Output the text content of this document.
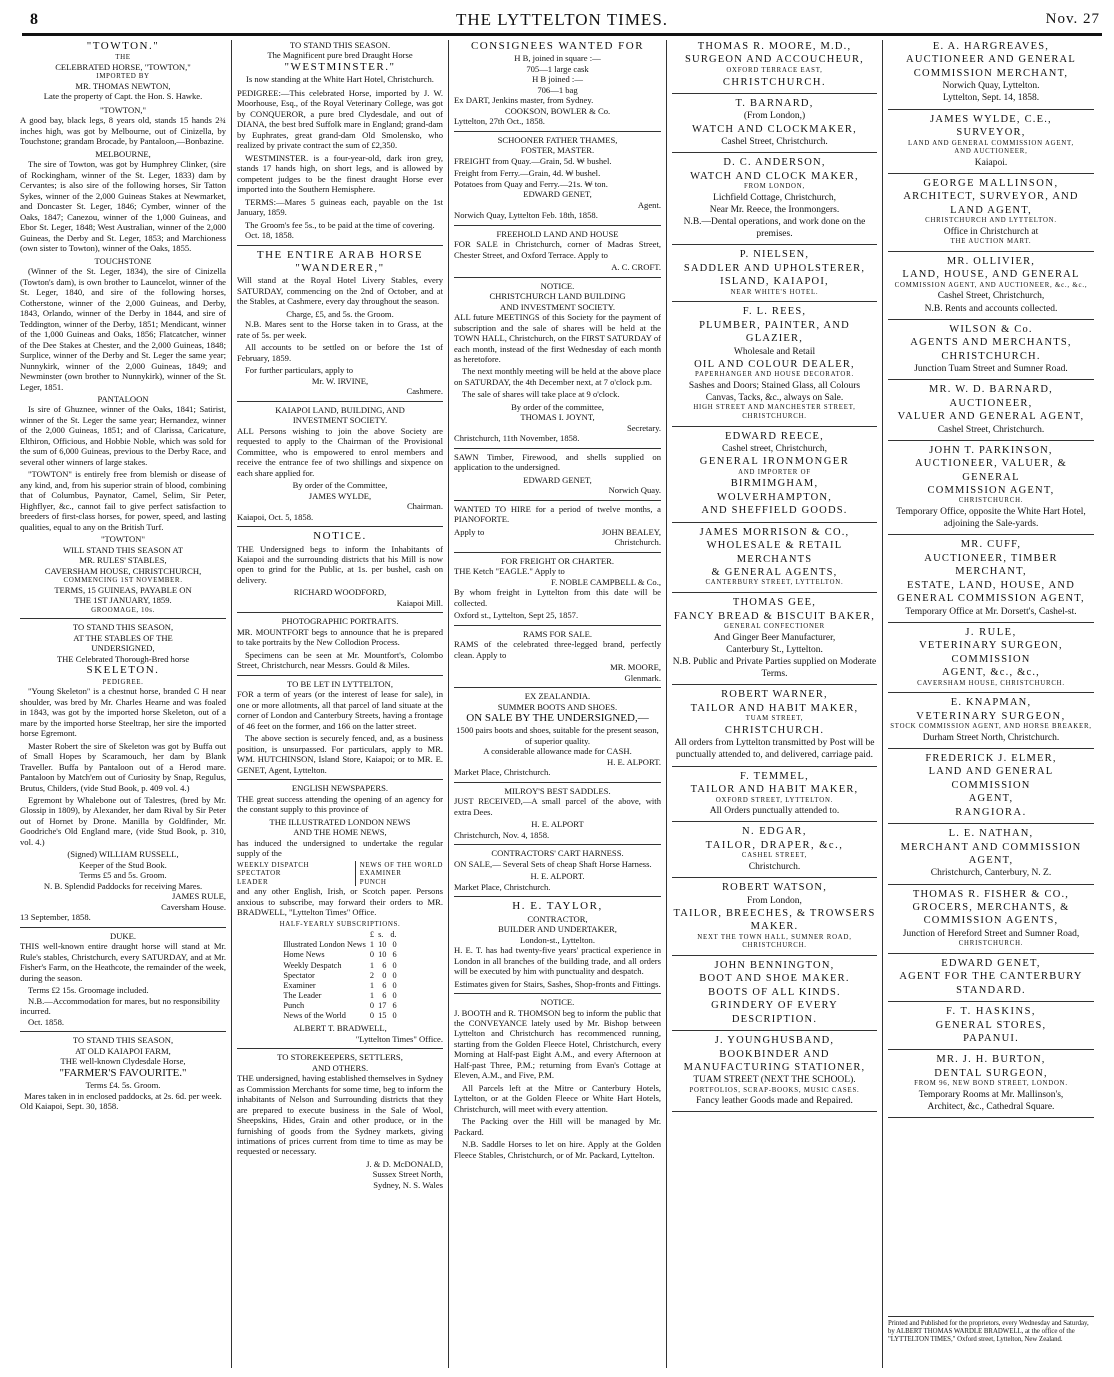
8	THE LYTTELTON TIMES.	Nov. 27
"TOWTON."
THE
CELEBRATED HORSE, "TOWTON,"
IMPORTED BY
MR. THOMAS NEWTON,
Late the property of Capt. the Hon. S. Hawke.
"TOWTON,"
A good bay, black legs, 8 years old, stands 15 hands 2¾ inches high, was got by Melbourne, out of Cinizella, by Touchstone; grandam Brocade, by Pantaloon,—Bonbazine.
MELBOURNE,
The sire of Towton, was got by Humphrey Clinker, (sire of Rockingham, winner of the St. Leger, 1833) dam by Cervantes; is also sire of the following horses, Sir Tatton Sykes, winner of the 2,000 Guineas Stakes at Newmarket, and Doncaster St. Leger, 1846; Cymber, winner of the Oaks, 1847; Canezou, winner of the 1,000 Guineas, and Ebor St. Leger, 1848; West Australian, winner of the 2,000 Guineas, the Derby and St. Leger, 1853; and Marchioness (own sister to Towton), winner of the Oaks, 1855.
TOUCHSTONE
(Winner of the St. Leger, 1834), the sire of Cinizella (Towton's dam), is own brother to Launcelot, winner of the St. Leger, 1840, and sire of the following horses, Cotherstone, winner of the 2,000 Guineas, and Derby, 1843, Orlando, winner of the Derby in 1844, and sire of Teddington, winner of the Derby, 1851; Mendicant, winner of the 1,000 Guineas and Oaks, 1856; Flatcatcher, winner of the Dee Stakes at Chester, and the 2,000 Guineas, 1848; Surplice, winner of the Derby and St. Leger the same year; Nunnykirk, winner of the 2,000 Guineas, 1849; and Newminster (own brother to Nunnykirk), winner of the St. Leger, 1851.
PANTALOON
Is sire of Ghuznee, winner of the Oaks, 1841; Satirist, winner of the St. Leger the same year; Hernandez, winner of the 2,000 Guineas, 1851; and of Clarissa, Caricature, Elthiron, Officious, and Hobbie Noble, which was sold for the sum of 6,000 Guineas, previous to the Derby Race, and several other winners of large stakes.
"TOWTON" is entirely free from blemish or disease of any kind, and, from his superior strain of blood, combining that of Columbus, Paynator, Camel, Selim, Sir Peter, Highflyer, &c., cannot fail to give perfect satisfaction to breeders of first-class horses, for power, speed, and lasting qualities, equal to any on the British Turf.
"TOWTON"
WILL STAND THIS SEASON AT
MR. RULES' STABLES,
CAVERSHAM HOUSE, CHRISTCHURCH,
COMMENCING 1ST NOVEMBER.
TERMS, 15 GUINEAS, PAYABLE ON
THE 1ST JANUARY, 1859.
GROOMAGE, 10s.
TO STAND THIS SEASON,
AT THE STABLES OF THE
UNDERSIGNED,
THE Celebrated Thorough-Bred horse
SKELETON.
PEDIGREE.
"Young Skeleton" is a chestnut horse, branded C H near shoulder, was bred by Mr. Charles Hearne and was foaled in 1843, was got by the imported horse Skeleton, out of a mare by the imported horse Steeltrap, her sire the imported horse Egremont.
Master Robert the sire of Skeleton was got by Buffa out of Small Hopes by Scaramouch, her dam by Blank Traveller. Buffa by Pantaloon out of a Herod mare. Pantaloon by Match'em out of Curiosity by Snap, Regulus, Brutus, Childers, (vide Stud Book, p. 409 vol. 4.)
Egremont by Whalebone out of Talestres, (bred by Mr. Glossip in 1809), by Alexander, her dam Rival by Sir Peter out of Hornet by Drone. Manilla by Goldfinder, Mr. Goodriche's Old England mare, (vide Stud Book, p. 310, vol. 4.)
(Signed) WILLIAM RUSSELL,
Keeper of the Stud Book.
Terms £5 and 5s. Groom.
N. B. Splendid Paddocks for receiving Mares.
JAMES RULE,
Caversham House.
13 September, 1858.
DUKE.
THIS well-known entire draught horse will stand at Mr. Rule's stables, Christchurch, every SATURDAY, and at Mr. Fisher's Farm, on the Heathcote, the remainder of the week, during the season.
Terms £2 15s. Groomage included.
N.B.—Accommodation for mares, but no responsibility incurred.
Oct. 1858.
TO STAND THIS SEASON,
AT OLD KAIAPOI FARM,
THE well-known Clydesdale Horse,
"FARMER'S FAVOURITE."
Terms £4. 5s. Groom.
Mares taken in in enclosed paddocks, at 2s. 6d. per week.
Old Kaiapoi, Sept. 30, 1858.
TO STAND THIS SEASON.
The Magnificent pure bred Draught Horse
"WESTMINSTER."
Is now standing at the White Hart Hotel, Christchurch.
PEDIGREE:—This celebrated Horse, imported by J. W. Moorhouse, Esq., of the Royal Veterinary College, was got by CONQUEROR, a pure bred Clydesdale, and out of DIANA, the best bred Suffolk mare in England; grand-dam by Euphrates, great grand-dam Old Smolensko, who realized by private contract the sum of £2,350.
WESTMINSTER. is a four-year-old, dark iron grey, stands 17 hands high, on short legs, and is allowed by competent judges to be the finest draught Horse ever imported into the Southern Hemisphere.
TERMS:—Mares 5 guineas each, payable on the 1st January, 1859.
The Groom's fee 5s., to be paid at the time of covering.
Oct. 18, 1858.
THE ENTIRE ARAB HORSE
"WANDERER,"
Will stand at the Royal Hotel Livery Stables, every SATURDAY, commencing on the 2nd of October, and at the Stables, at Cashmere, every day throughout the season.
Charge, £5, and 5s. the Groom.
N.B. Mares sent to the Horse taken in to Grass, at the rate of 5s. per week.
All accounts to be settled on or before the 1st of February, 1859.
For further particulars, apply to
Mr. W. IRVINE,
Cashmere.
KAIAPOI LAND, BUILDING, AND
INVESTMENT SOCIETY.
ALL Persons wishing to join the above Society are requested to apply to the Chairman of the Provisional Committee, who is empowered to enrol members and receive the entrance fee of two shillings and sixpence on each share applied for.
By order of the Committee,
JAMES WYLDE,
Chairman.
Kaiapoi, Oct. 5, 1858.
NOTICE.
THE Undersigned begs to inform the Inhabitants of Kaiapoi and the surrounding districts that his Mill is now open to grind for the Public, at 1s. per bushel, cash on delivery.
RICHARD WOODFORD,
Kaiapoi Mill.
PHOTOGRAPHIC PORTRAITS.
MR. MOUNTFORT begs to announce that he is prepared to take portraits by the New Collodion Process.
Specimens can be seen at Mr. Mountfort's, Colombo Street, Christchurch, near Messrs. Gould & Miles.
TO BE LET IN LYTTELTON,
FOR a term of years (or the interest of lease for sale), in one or more allotments, all that parcel of land situate at the corner of London and Canterbury Streets, having a frontage of 46 feet on the former, and 166 on the latter street.
The above section is securely fenced, and, as a business position, is unsurpassed. For particulars, apply to MR. WM. HUTCHINSON, Island Store, Kaiapoi; or to MR. E. GENET, Agent, Lyttelton.
ENGLISH NEWSPAPERS.
THE great success attending the opening of an agency for the constant supply to this province of
THE ILLUSTRATED LONDON NEWS
AND THE HOME NEWS,
has induced the undersigned to undertake the regular supply of the
WEEKLY DISPATCH
SPECTATOR
LEADER
NEWS OF THE WORLD
EXAMINER
PUNCH
and any other English, Irish, or Scotch paper. Persons anxious to subscribe, may forward their orders to MR. BRADWELL, "Lyttelton Times" Office.
HALF-YEARLY SUBSCRIPTIONS.
	£	s.	d.
Illustrated London News	1	10	0
Home News	0	10	6
Weekly Despatch	1	6	0
Spectator	2	0	0
Examiner	1	6	0
The Leader	1	6	0
Punch	0	17	6
News of the World	0	15	0
ALBERT T. BRADWELL,
"Lyttelton Times" Office.
TO STOREKEEPERS, SETTLERS,
AND OTHERS.
THE undersigned, having established themselves in Sydney as Commission Merchants for some time, beg to inform the inhabitants of Nelson and Surrounding districts that they are prepared to execute business in the Sale of Wool, Sheepskins, Hides, Grain and other produce, or in the furnishing of goods from the Sydney markets, giving intimations of prices current from time to time as may be requested or necessary.
J. & D. McDONALD,
Sussex Street North,
Sydney, N. S. Wales
CONSIGNEES WANTED FOR
H B, joined in square :—
705—1 large cask
H B joined :—
706—1 bag
Ex DART, Jenkins master, from Sydney.
COOKSON, BOWLER & Co.
Lyttelton, 27th Oct., 1858.
SCHOONER FATHER THAMES,
FOSTER, MASTER.
FREIGHT from Quay.—Grain, 5d. ₩ bushel.
Freight from Ferry.—Grain, 4d. ₩ bushel.
Potatoes from Quay and Ferry.—21s. ₩ ton.
EDWARD GENET,
Agent.
Norwich Quay, Lyttelton Feb. 18th, 1858.
FREEHOLD LAND AND HOUSE
FOR SALE in Christchurch, corner of Madras Street, Chester Street, and Oxford Terrace. Apply to
A. C. CROFT.
NOTICE.
CHRISTCHURCH LAND BUILDING
AND INVESTMENT SOCIETY.
ALL future MEETINGS of this Society for the payment of subscription and the sale of shares will be held at the TOWN HALL, Christchurch, on the FIRST SATURDAY of each month, instead of the first Wednesday of each month as heretofore.
The next monthly meeting will be held at the above place on SATURDAY, the 4th December next, at 7 o'clock p.m.
The sale of shares will take place at 9 o'clock.
By order of the committee,
THOMAS I. JOYNT,
Secretary.
Christchurch, 11th November, 1858.
SAWN Timber, Firewood, and shells supplied on application to the undersigned.
EDWARD GENET,
Norwich Quay.
WANTED TO HIRE for a period of twelve months, a PIANOFORTE.
Apply to	JOHN BEALEY,
Christchurch.
FOR FREIGHT OR CHARTER.
THE Ketch "EAGLE." Apply to
F. NOBLE CAMPBELL & Co.,
By whom freight in Lyttelton from this date will be collected.
Oxford st., Lyttelton, Sept 25, 1857.
RAMS FOR SALE.
RAMS of the celebrated three-legged brand, perfectly clean. Apply to
MR. MOORE,
Glenmark.
EX ZEALANDIA.
SUMMER BOOTS AND SHOES.
ON SALE BY THE UNDERSIGNED,—
1500 pairs boots and shoes, suitable for the present season, of superior quality.
A considerable allowance made for CASH.
H. E. ALPORT.
Market Place, Christchurch.
MILROY'S BEST SADDLES.
JUST RECEIVED,—A small parcel of the above, with extra Dees.
H. E. ALPORT
Christchurch, Nov. 4, 1858.
CONTRACTORS' CART HARNESS.
ON SALE,— Several Sets of cheap Shaft Horse Harness.
H. E. ALPORT.
Market Place, Christchurch.
H. E. TAYLOR,
CONTRACTOR,
BUILDER AND UNDERTAKER,
London-st., Lyttelton.
H. E. T. has had twenty-five years' practical experience in London in all branches of the building trade, and all orders will be executed by him with punctuality and despatch.
Estimates given for Stairs, Sashes, Shop-fronts and Fittings.
NOTICE.
J. BOOTH and R. THOMSON beg to inform the public that the CONVEYANCE lately used by Mr. Bishop between Lyttelton and Christchurch has recommenced running, starting from the Golden Fleece Hotel, Christchurch, every Morning at Half-past Eight A.M., and every Afternoon at Half-past Three, P.M.; returning from Evan's Cottage at Eleven, A.M., and Five, P.M.
All Parcels left at the Mitre or Canterbury Hotels, Lyttelton, or at the Golden Fleece or White Hart Hotels, Christchurch, will meet with every attention.
The Packing over the Hill will be managed by Mr. Packard.
N.B. Saddle Horses to let on hire. Apply at the Golden Fleece Stables, Christchurch, or of Mr. Packard, Lyttelton.
THOMAS R. MOORE, M.D.,
SURGEON AND ACCOUCHEUR,
OXFORD TERRACE EAST,
CHRISTCHURCH.
T. BARNARD,
(From London,)
WATCH AND CLOCKMAKER,
Cashel Street, Christchurch.
D. C. ANDERSON,
WATCH AND CLOCK MAKER,
FROM LONDON,
Lichfield Cottage, Christchurch,
Near Mr. Reece, the Ironmongers.
N.B.—Dental operations, and work done on the premises.
P. NIELSEN,
SADDLER AND UPHOLSTERER,
ISLAND, KAIAPOI,
NEAR WHITE'S HOTEL.
F. L. REES,
PLUMBER, PAINTER, AND GLAZIER,
Wholesale and Retail
OIL AND COLOUR DEALER,
PAPERHANGER AND HOUSE DECORATOR.
Sashes and Doors; Stained Glass, all Colours
Canvas, Tacks, &c., always on Sale.
HIGH STREET AND MANCHESTER STREET,
CHRISTCHURCH.
EDWARD REECE,
Cashel street, Christchurch,
GENERAL IRONMONGER
AND IMPORTER OF
BIRMIMGHAM, WOLVERHAMPTON,
AND SHEFFIELD GOODS.
JAMES MORRISON & CO.,
WHOLESALE & RETAIL MERCHANTS
& GENERAL AGENTS,
CANTERBURY STREET, LYTTELTON.
THOMAS GEE,
FANCY BREAD & BISCUIT BAKER,
GENERAL CONFECTIONER
And Ginger Beer Manufacturer,
Canterbury St., Lyttelton.
N.B. Public and Private Parties supplied on Moderate Terms.
ROBERT WARNER,
TAILOR AND HABIT MAKER,
TUAM STREET,
CHRISTCHURCH.
All orders from Lyttelton transmitted by Post will be punctually attended to, and delivered, carriage paid.
F. TEMMEL,
TAILOR AND HABIT MAKER,
OXFORD STREET, LYTTELTON.
All Orders punctually attended to.
N. EDGAR,
TAILOR, DRAPER, &c.,
CASHEL STREET,
Christchurch.
ROBERT WATSON,
From London,
TAILOR, BREECHES, & TROWSERS MAKER.
NEXT THE TOWN HALL, SUMNER ROAD, CHRISTCHURCH.
JOHN BENNINGTON,
BOOT AND SHOE MAKER.
BOOTS OF ALL KINDS.
GRINDERY OF EVERY DESCRIPTION.
J. YOUNGHUSBAND,
BOOKBINDER AND MANUFACTURING STATIONER,
TUAM STREET (NEXT THE SCHOOL).
PORTFOLIOS, SCRAP-BOOKS, MUSIC CASES.
Fancy leather Goods made and Repaired.
E. A. HARGREAVES,
AUCTIONEER AND GENERAL
COMMISSION MERCHANT,
Norwich Quay, Lyttelton.
Lyttelton, Sept. 14, 1858.
JAMES WYLDE, C.E.,
SURVEYOR,
LAND AND GENERAL COMMISSION AGENT,
AND AUCTIONEER,
Kaiapoi.
GEORGE MALLINSON,
ARCHITECT, SURVEYOR, AND
LAND AGENT,
CHRISTCHURCH AND LYTTELTON.
Office in Christchurch at
THE AUCTION MART.
MR. OLLIVIER,
LAND, HOUSE, AND GENERAL
COMMISSION AGENT, AND AUCTIONEER, &c., &c.,
Cashel Street, Christchurch,
N.B. Rents and accounts collected.
WILSON & Co.
AGENTS AND MERCHANTS,
CHRISTCHURCH.
Junction Tuam Street and Sumner Road.
MR. W. D. BARNARD,
AUCTIONEER,
VALUER AND GENERAL AGENT,
Cashel Street, Christchurch.
JOHN T. PARKINSON,
AUCTIONEER, VALUER, & GENERAL
COMMISSION AGENT,
CHRISTCHURCH.
Temporary Office, opposite the White Hart Hotel, adjoining the Sale-yards.
MR. CUFF,
AUCTIONEER, TIMBER MERCHANT,
ESTATE, LAND, HOUSE, AND
GENERAL COMMISSION AGENT,
Temporary Office at Mr. Dorsett's, Cashel-st.
J. RULE,
VETERINARY SURGEON, COMMISSION
AGENT, &c., &c.,
CAVERSHAM HOUSE, CHRISTCHURCH.
E. KNAPMAN,
VETERINARY SURGEON,
STOCK COMMISSION AGENT, AND HORSE BREAKER,
Durham Street North, Christchurch.
FREDERICK J. ELMER,
LAND AND GENERAL COMMISSION
AGENT,
RANGIORA.
L. E. NATHAN,
MERCHANT AND COMMISSION
AGENT,
Christchurch, Canterbury, N. Z.
THOMAS R. FISHER & CO.,
GROCERS, MERCHANTS, & COMMISSION AGENTS,
Junction of Hereford Street and Sumner Road,
CHRISTCHURCH.
EDWARD GENET,
AGENT FOR THE CANTERBURY
STANDARD.
F. T. HASKINS,
GENERAL STORES,
PAPANUI.
MR. J. H. BURTON,
DENTAL SURGEON,
FROM 96, NEW BOND STREET, LONDON.
Temporary Rooms at Mr. Mallinson's,
Architect, &c., Cathedral Square.
Printed and Published for the proprietors, every Wednesday and Saturday, by ALBERT THOMAS WARDLE BRADWELL, at the office of the "LYTTELTON TIMES," Oxford street, Lyttelton, New Zealand.
